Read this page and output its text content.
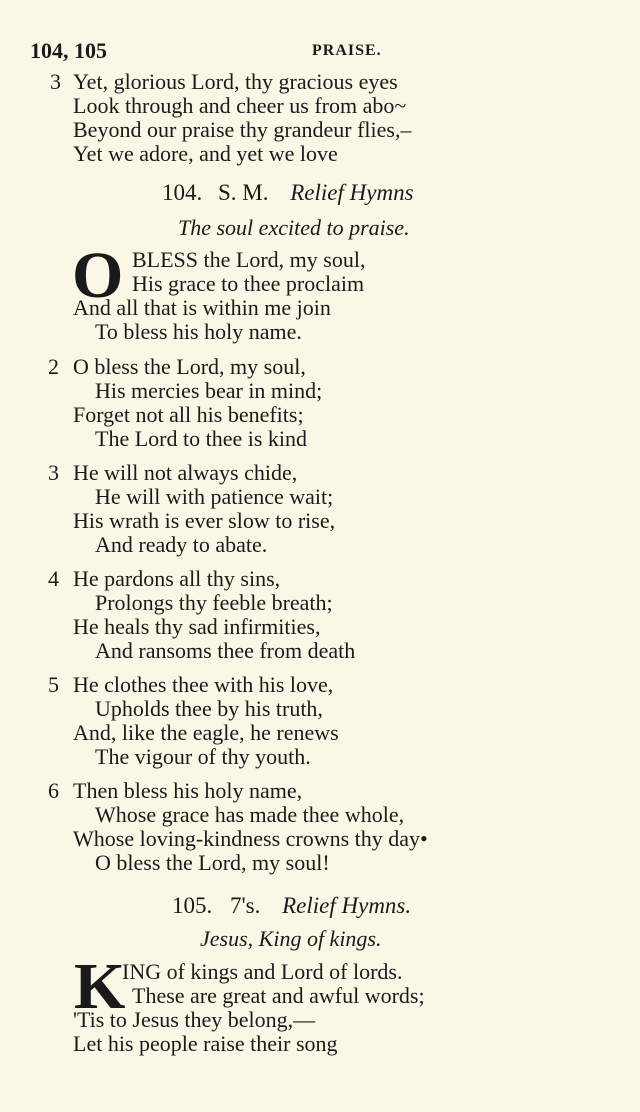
104, 105	PRAISE.
3 Yet, glorious Lord, thy gracious eyes
Look through and cheer us from abo~
Beyond our praise thy grandeur flies,–
Yet we adore, and yet we love
104. S. M. Relief Hymns
The soul excited to praise.
O BLESS the Lord, my soul,
His grace to thee proclaim
And all that is within me join
To bless his holy name.
2 O bless the Lord, my soul,
His mercies bear in mind;
Forget not all his benefits;
The Lord to thee is kind
3 He will not always chide,
He will with patience wait;
His wrath is ever slow to rise,
And ready to abate.
4 He pardons all thy sins,
Prolongs thy feeble breath;
He heals thy sad infirmities,
And ransoms thee from death
5 He clothes thee with his love,
Upholds thee by his truth,
And, like the eagle, he renews
The vigour of thy youth.
6 Then bless his holy name,
Whose grace has made thee whole,
Whose loving-kindness crowns thy day•
O bless the Lord, my soul!
105. 7's. Relief Hymns.
Jesus, King of kings.
K
ING of kings and Lord of lords.
These are great and awful words;
'Tis to Jesus they belong,—
Let his people raise their song
